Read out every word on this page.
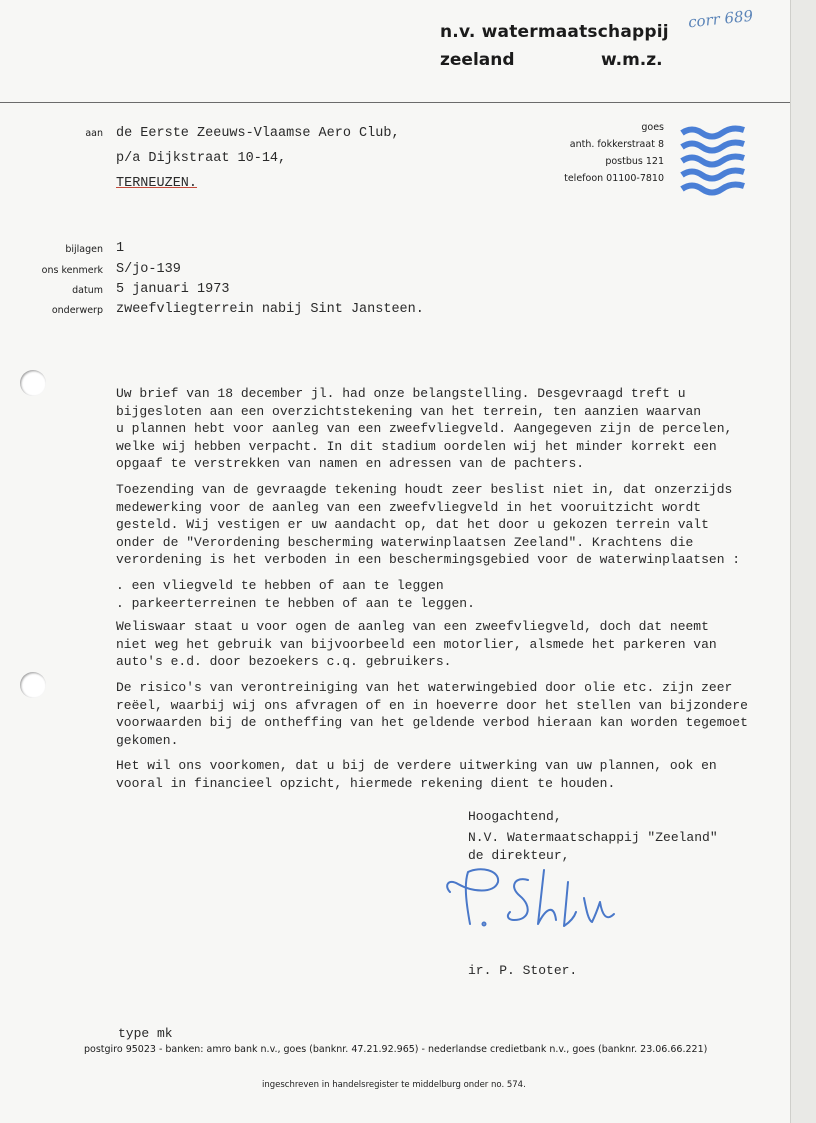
corr 689
n.v. watermaatschappij
zeeland	w.m.z.
goes
anth. fokkerstraat 8
postbus 121
telefoon 01100-7810
aan de Eerste Zeeuws-Vlaamse Aero Club,
p/a Dijkstraat 10-14,
TERNEUZEN.
bijlagen 1
ons kenmerk S/jo-139
datum 5 januari 1973
onderwerp zweefvliegterrein nabij Sint Jansteen.

Uw brief van 18 december jl. had onze belangstelling. Desgevraagd treft u
bijgesloten aan een overzichtstekening van het terrein, ten aanzien waarvan
u plannen hebt voor aanleg van een zweefvliegveld. Aangegeven zijn de percelen,
welke wij hebben verpacht. In dit stadium oordelen wij het minder korrekt een
opgaaf te verstrekken van namen en adressen van de pachters.

Toezending van de gevraagde tekening houdt zeer beslist niet in, dat onzerzijds
medewerking voor de aanleg van een zweefvliegveld in het vooruitzicht wordt
gesteld. Wij vestigen er uw aandacht op, dat het door u gekozen terrein valt
onder de "Verordening bescherming waterwinplaatsen Zeeland". Krachtens die
verordening is het verboden in een beschermingsgebied voor de waterwinplaatsen :

. een vliegveld te hebben of aan te leggen
. parkeerterreinen te hebben of aan te leggen.

Weliswaar staat u voor ogen de aanleg van een zweefvliegveld, doch dat neemt
niet weg het gebruik van bijvoorbeeld een motorlier, alsmede het parkeren van
auto's e.d. door bezoekers c.q. gebruikers.

De risico's van verontreiniging van het waterwingebied door olie etc. zijn zeer
reëel, waarbij wij ons afvragen of en in hoeverre door het stellen van bijzondere
voorwaarden bij de ontheffing van het geldende verbod hieraan kan worden tegemoet
gekomen.

Het wil ons voorkomen, dat u bij de verdere uitwerking van uw plannen, ook en
vooral in financieel opzicht, hiermede rekening dient te houden.

Hoogachtend,
N.V. Watermaatschappij "Zeeland"
de direkteur,
ir. P. Stoter.
type mk
postgiro 95023 - banken: amro bank n.v., goes (banknr. 47.21.92.965) - nederlandse credietbank n.v., goes (banknr. 23.06.66.221)
ingeschreven in handelsregister te middelburg onder no. 574.
